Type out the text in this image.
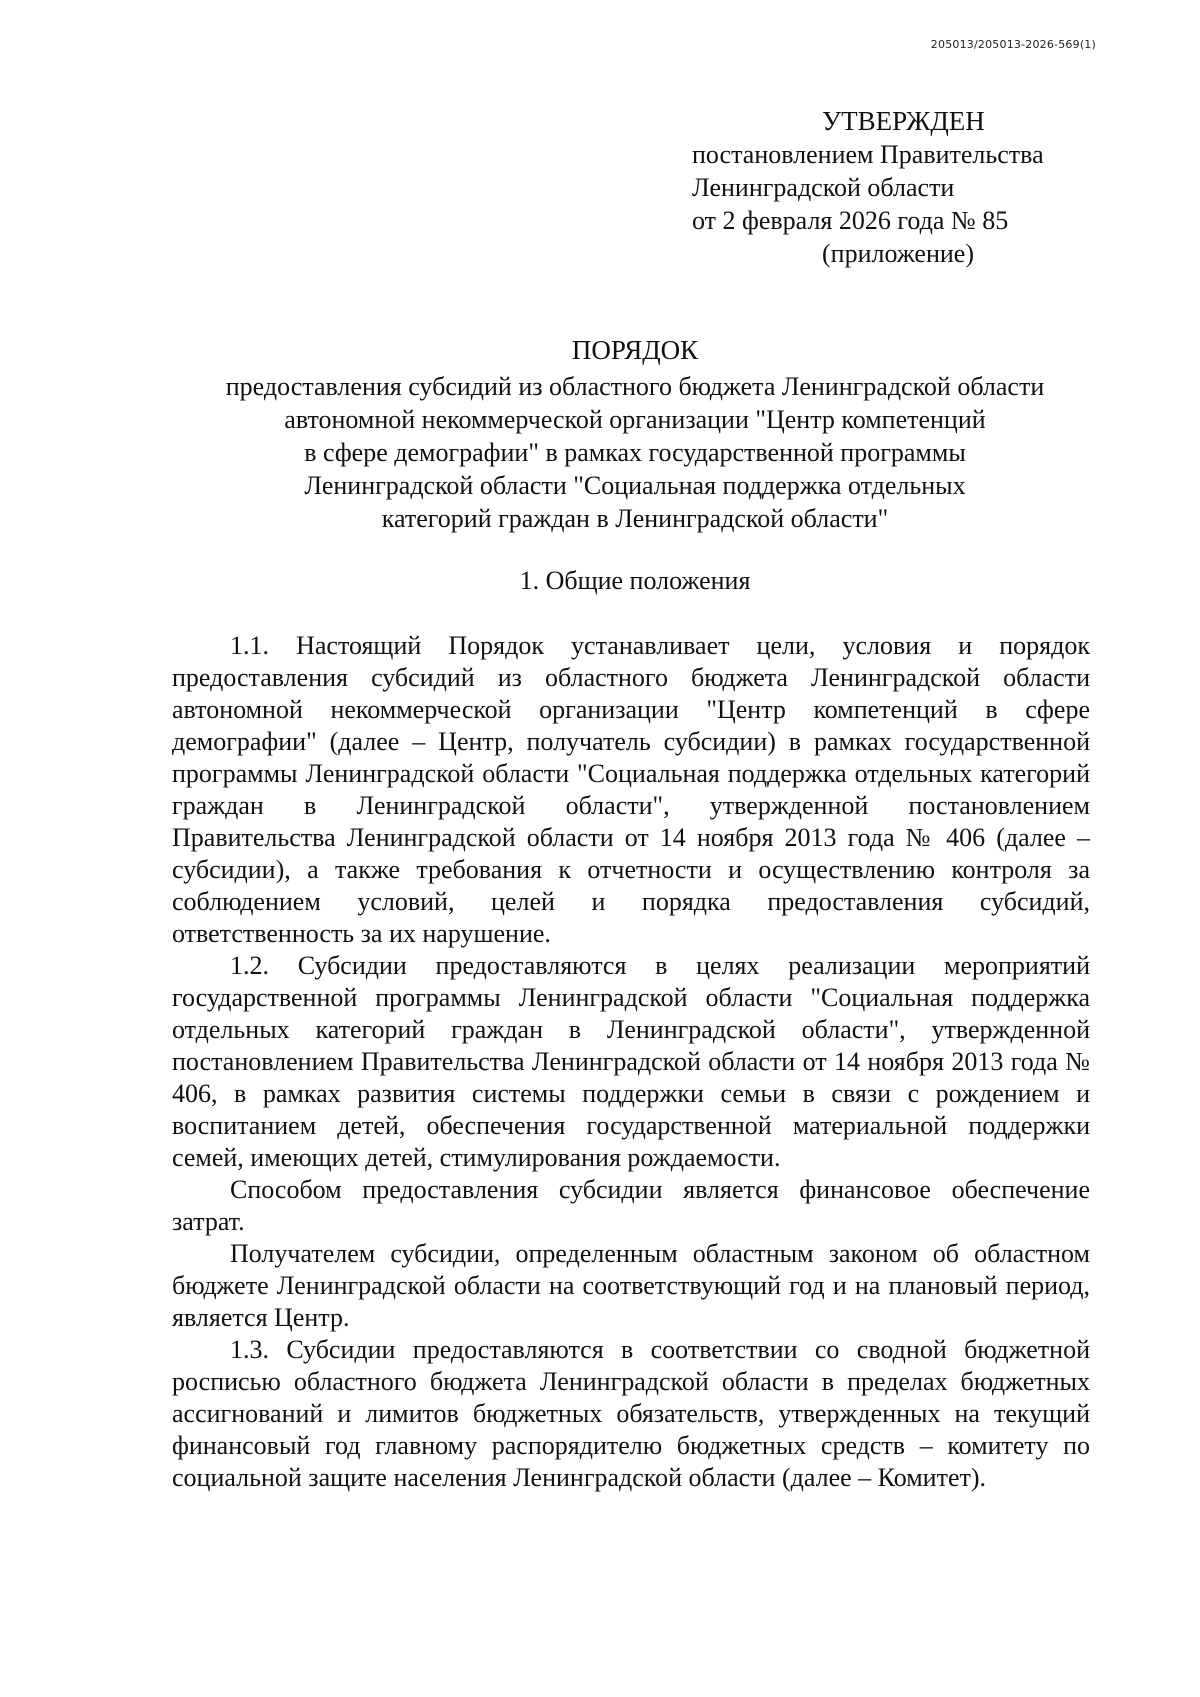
205013/205013-2026-569(1)
УТВЕРЖДЕН
постановлением Правительства
Ленинградской области
от 2 февраля 2026 года № 85
(приложение)
ПОРЯДОК
предоставления субсидий из областного бюджета Ленинградской области
автономной некоммерческой организации "Центр компетенций
в сфере демографии" в рамках государственной программы
Ленинградской области "Социальная поддержка отдельных
категорий граждан в Ленинградской области"
1. Общие положения

1.1. Настоящий Порядок устанавливает цели, условия и порядок предоставления субсидий из областного бюджета Ленинградской области автономной некоммерческой организации "Центр компетенций в сфере демографии" (далее – Центр, получатель субсидии) в рамках государственной программы Ленинградской области "Социальная поддержка отдельных категорий граждан в Ленинградской области", утвержденной постановлением Правительства Ленинградской области от 14 ноября 2013 года № 406 (далее – субсидии), а также требования к отчетности и осуществлению контроля за соблюдением условий, целей и порядка предоставления субсидий, ответственность за их нарушение.

1.2. Субсидии предоставляются в целях реализации мероприятий государственной программы Ленинградской области "Социальная поддержка отдельных категорий граждан в Ленинградской области", утвержденной постановлением Правительства Ленинградской области от 14 ноября 2013 года № 406, в рамках развития системы поддержки семьи в связи с рождением и воспитанием детей, обеспечения государственной материальной поддержки семей, имеющих детей, стимулирования рождаемости.

Способом предоставления субсидии является финансовое обеспечение затрат.

Получателем субсидии, определенным областным законом об областном бюджете Ленинградской области на соответствующий год и на плановый период, является Центр.

1.3. Субсидии предоставляются в соответствии со сводной бюджетной росписью областного бюджета Ленинградской области в пределах бюджетных ассигнований и лимитов бюджетных обязательств, утвержденных на текущий финансовый год главному распорядителю бюджетных средств – комитету по социальной защите населения Ленинградской области (далее – Комитет).
